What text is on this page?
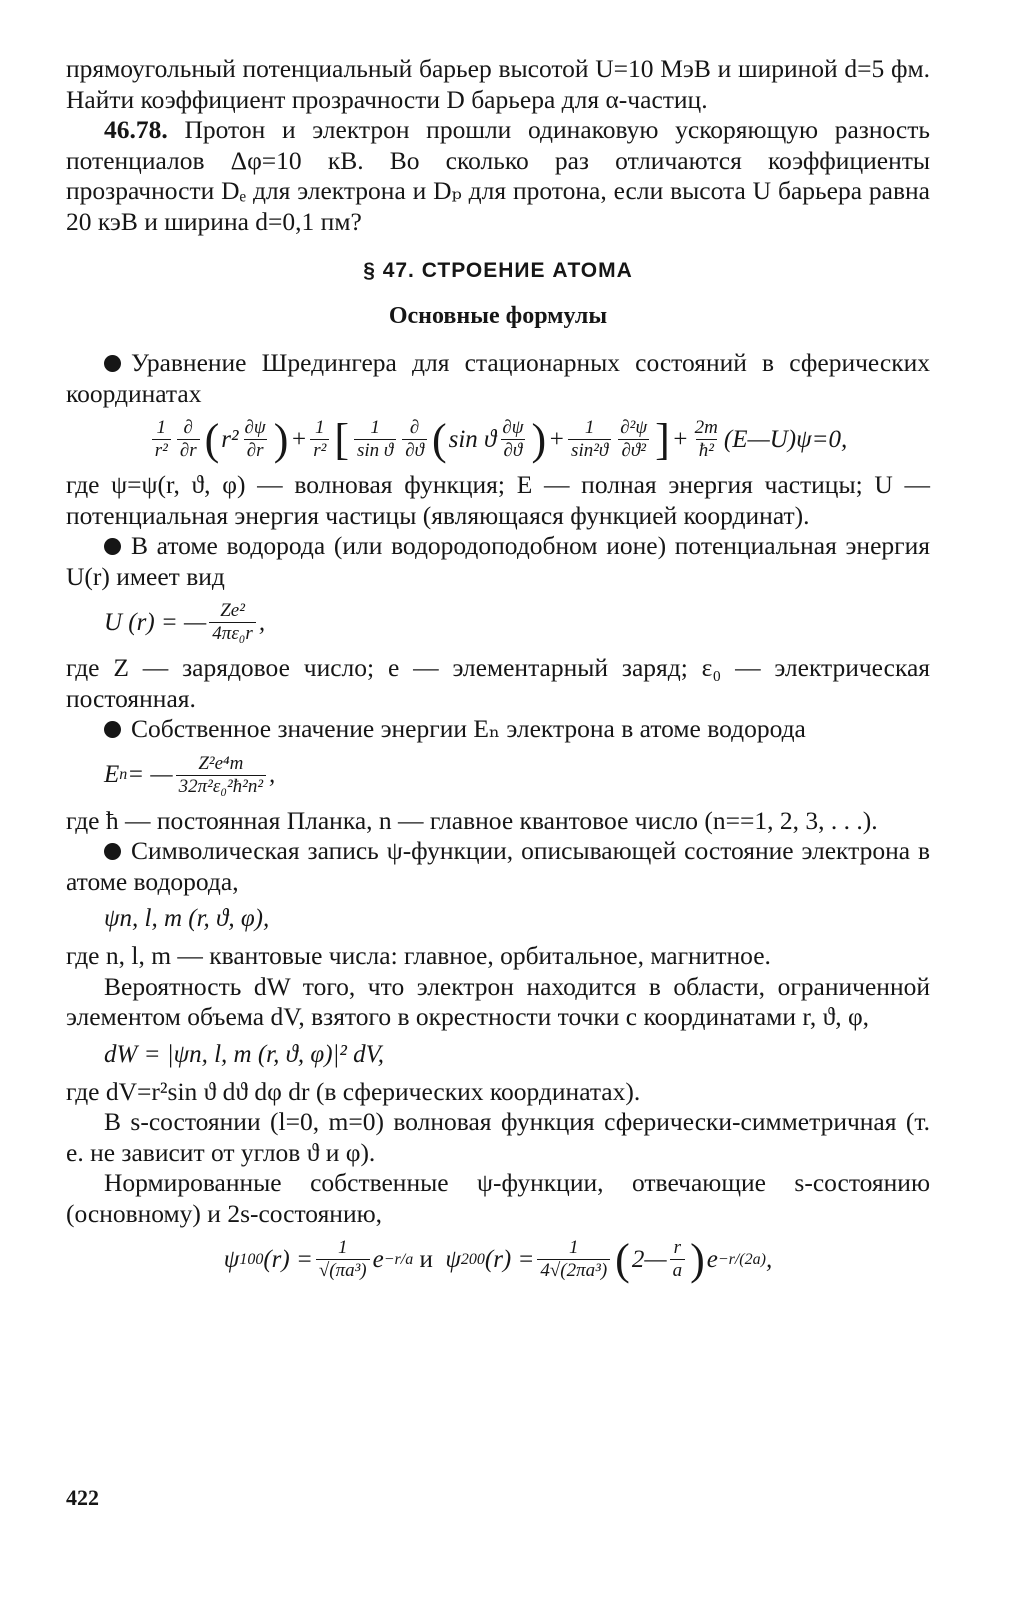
прямоугольный потенциальный барьер высотой U=10 МэВ и шириной d=5 фм. Найти коэффициент прозрачности D барьера для α-частиц.

46.78. Протон и электрон прошли одинаковую ускоряющую разность потенциалов Δφ=10 кВ. Во сколько раз отличаются коэффициенты прозрачности Dₑ для электрона и Dₚ для протона, если высота U барьера равна 20 кэВ и ширина d=0,1 пм?

§ 47. СТРОЕНИЕ АТОМА
Основные формулы

Уравнение Шредингера для стационарных состояний в сферических координатах

$\frac{1}{\text{r²}} \frac{\partial}{\partial r}$ ( $r^2 \frac{\partial\psi}{\partial r}$ ) + $\frac{1}{\text{r²}}$ [ $\frac{1}{\text{sin ϑ}} \frac{\partial}{\partial ϑ}$ ( sin ϑ $\frac{\partial\psi}{\partial ϑ}$ ) + $\frac{1}{\text{sin²ϑ}} \frac{\text{∂²ψ}}{\text{∂ϑ²}}$ ] + $\frac{2m}{\text{ħ²}}$ (E—U)ψ=0,

где ψ=ψ(r, ϑ, φ) — волновая функция; E — полная энергия частицы; U — потенциальная энергия частицы (являющаяся функцией координат).

В атоме водорода (или водородоподобном ионе) потенциальная энергия U(r) имеет вид

U (r) = — $\frac{\text{Ze²}}{\text{4πε₀r}}$ ,

где Z — зарядовое число; e — элементарный заряд; ε₀ — электрическая постоянная.

Собственное значение энергии Eₙ электрона в атоме водорода

E n = — $\frac{\text{Z²e⁴m}}{\text{32π²ε₀²ħ²n²}}$ ,

где ħ — постоянная Планка, n — главное квантовое число (n==1, 2, 3, . . .).

Символическая запись ψ-функции, описывающей состояние электрона в атоме водорода,

ψn, l, m (r, ϑ, φ),

где n, l, m — квантовые числа: главное, орбитальное, магнитное.

Вероятность dW того, что электрон находится в области, ограниченной элементом объема dV, взятого в окрестности точки с координатами r, ϑ, φ,

dW = |ψn, l, m (r, ϑ, φ)|² dV,

где dV=r²sin ϑ dϑ dφ dr (в сферических координатах).

В s-состоянии (l=0, m=0) волновая функция сферически-симметричная (т. е. не зависит от углов ϑ и φ).

Нормированные собственные ψ-функции, отвечающие s-состоянию (основному) и 2s-состоянию,

ψ 100 $(r) = \frac{1}{\text{√(πa³)}}$ e −r/a
и ψ 200 $(r) = \frac{1}{\text{4√(2πa³)}}$ ( 2— $\frac{r}{a}$ ) e −r/(2a) ,
422
